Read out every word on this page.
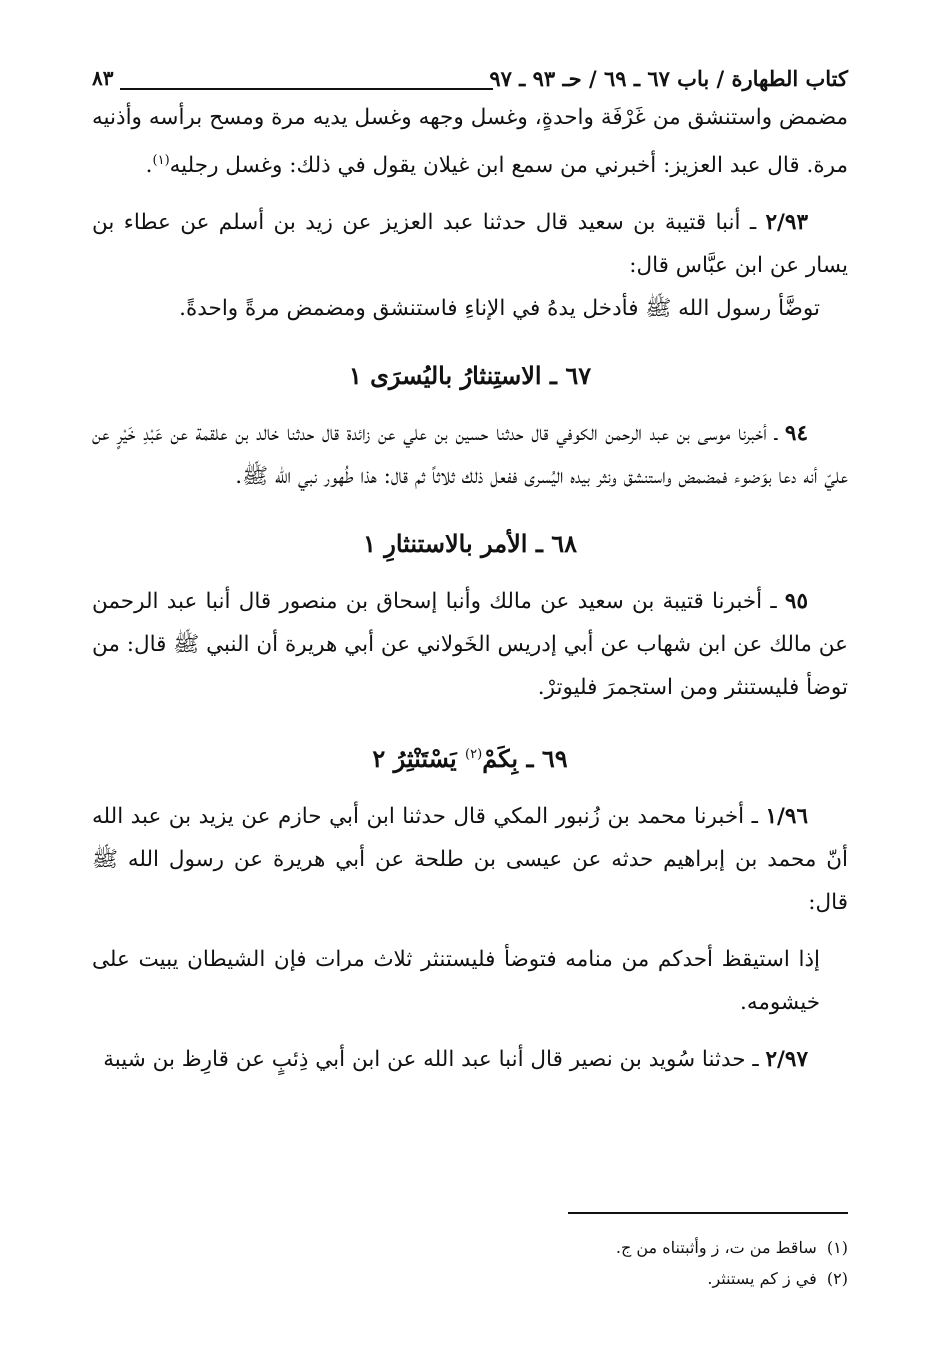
كتاب الطهارة / باب ٦٧ ـ ٦٩ / حـ ٩٣ ـ ٩٧
٨٣

مضمض واستنشق من غَرْفَة واحدةٍ، وغسل وجهه وغسل يديه مرة ومسح برأسه وأذنيه مرة. قال عبد العزيز: أخبرني من سمع ابن غيلان يقول في ذلك: وغسل رجليه$^{(١)}$.

٢/٩٣ ـ أنبا قتيبة بن سعيد قال حدثنا عبد العزيز عن زيد بن أسلم عن عطاء بن يسار عن ابن عبَّاس قال:

توضَّأ رسول الله ﷺ فأدخل يدهُ في الإناءِ فاستنشق ومضمض مرةً واحدةً.

٦٧ ـ الاستِنثارُ باليُسرَى ١

٩٤ ـ أخبرنا موسى بن عبد الرحمن الكوفي قال حدثنا حسين بن علي عن زائدة قال حدثنا خالد بن علقمة عن عَبْدِ خَيْرٍ عن عليّ أنه دعا بوَضوء فمضمض واستنشق ونثر بيده اليُسرى ففعل ذلك ثلاثاً ثم قال: هذا طُهور نبي الله ﷺ.

٦٨ ـ الأمر بالاستنثارِ ١

٩٥ ـ أخبرنا قتيبة بن سعيد عن مالك وأنبا إسحاق بن منصور قال أنبا عبد الرحمن عن مالك عن ابن شهاب عن أبي إدريس الخَولاني عن أبي هريرة أن النبي ﷺ قال: من توضأ فليستنثر ومن استجمرَ فليوترْ.

٦٩ ـ بِكَمْ$^{(٢)}$ يَسْتَنْثِرُ ٢

١/٩٦ ـ أخبرنا محمد بن زُنبور المكي قال حدثنا ابن أبي حازم عن يزيد بن عبد الله أنّ محمد بن إبراهيم حدثه عن عيسى بن طلحة عن أبي هريرة عن رسول الله ﷺ قال:

إذا استيقظ أحدكم من منامه فتوضأ فليستنثر ثلاث مرات فإن الشيطان يبيت على خيشومه.

٢/٩٧ ـ حدثنا سُويد بن نصير قال أنبا عبد الله عن ابن أبي ذِئبٍ عن قارِظ بن شيبة

(١)  ساقط من ت، ز وأثبتناه من ج.
(٢)  في ز كم يستنثر.
